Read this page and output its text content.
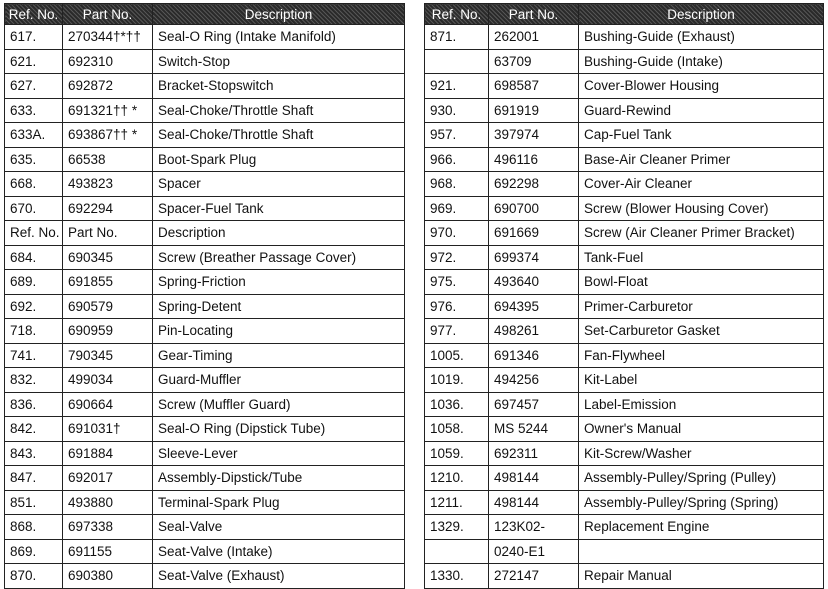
Ref. No.	Part No.	Description
617.	270344†*††	Seal-O Ring (Intake Manifold)
621.	692310	Switch-Stop
627.	692872	Bracket-Stopswitch
633.	691321†† *	Seal-Choke/Throttle Shaft
633A.	693867†† *	Seal-Choke/Throttle Shaft
635.	66538	Boot-Spark Plug
668.	493823	Spacer
670.	692294	Spacer-Fuel Tank
Ref. No.	Part No.	Description
684.	690345	Screw (Breather Passage Cover)
689.	691855	Spring-Friction
692.	690579	Spring-Detent
718.	690959	Pin-Locating
741.	790345	Gear-Timing
832.	499034	Guard-Muffler
836.	690664	Screw (Muffler Guard)
842.	691031†	Seal-O Ring (Dipstick Tube)
843.	691884	Sleeve-Lever
847.	692017	Assembly-Dipstick/Tube
851.	493880	Terminal-Spark Plug
868.	697338	Seal-Valve
869.	691155	Seat-Valve (Intake)
870.	690380	Seat-Valve (Exhaust)
Ref. No.	Part No.	Description
871.	262001	Bushing-Guide (Exhaust)
	63709	Bushing-Guide (Intake)
921.	698587	Cover-Blower Housing
930.	691919	Guard-Rewind
957.	397974	Cap-Fuel Tank
966.	496116	Base-Air Cleaner Primer
968.	692298	Cover-Air Cleaner
969.	690700	Screw (Blower Housing Cover)
970.	691669	Screw (Air Cleaner Primer Bracket)
972.	699374	Tank-Fuel
975.	493640	Bowl-Float
976.	694395	Primer-Carburetor
977.	498261	Set-Carburetor Gasket
1005.	691346	Fan-Flywheel
1019.	494256	Kit-Label
1036.	697457	Label-Emission
1058.	MS 5244	Owner's Manual
1059.	692311	Kit-Screw/Washer
1210.	498144	Assembly-Pulley/Spring (Pulley)
1211.	498144	Assembly-Pulley/Spring (Spring)
1329.	123K02-	Replacement Engine
	0240-E1	
1330.	272147	Repair Manual
